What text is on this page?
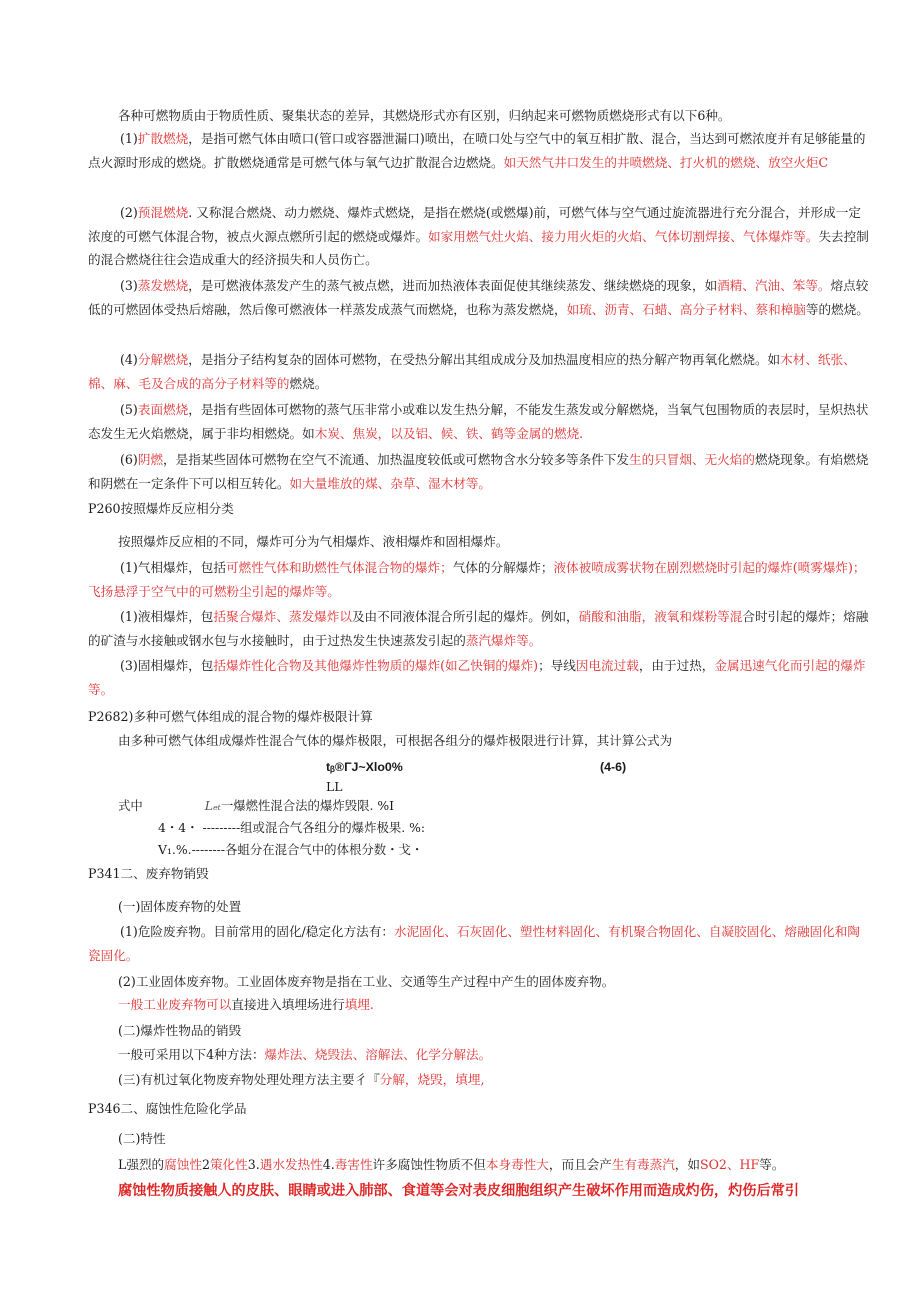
各种可燃物质由于物质性质、聚集状态的差异，其燃烧形式亦有区别，归纳起来可燃物质燃烧形式有以下6种。

(1)扩散燃烧，是指可燃气体由喷口(管口或容器泄漏口)喷出，在喷口处与空气中的氧互相扩散、混合，当达到可燃浓度并有足够能量的点火源时形成的燃烧。扩散燃烧通常是可燃气体与氧气边扩散混合边燃烧。如天然气井口发生的井喷燃烧、打火机的燃烧、放空火炬C

(2)预混燃烧. 又称混合燃烧、动力燃烧、爆炸式燃烧，是指在燃烧(或燃爆)前，可燃气体与空气通过旋流器进行充分混合，并形成一定浓度的可燃气体混合物，被点火源点燃所引起的燃烧或爆炸。如家用燃气灶火焰、接力用火炬的火焰、气体切割焊接、气体爆炸等。失去控制的混合燃烧往往会造成重大的经济损失和人员伤亡。

(3)蒸发燃烧，是可燃液体蒸发产生的蒸气被点燃，进而加热液体表面促使其继续蒸发、继续燃烧的现象，如酒精、汽油、笨等。熔点较低的可燃固体受热后熔融，然后像可燃液体一样蒸发成蒸气而燃烧，也称为蒸发燃烧，如琉、沥青、石蜡、高分子材料、蔡和樟脑等的燃烧。

(4)分解燃烧，是指分子结构复杂的固体可燃物，在受热分解出其组成成分及加热温度相应的热分解产物再氧化燃烧。如木材、纸张、棉、麻、毛及合成的高分子材料等的燃烧。

(5)表面燃烧，是指有些固体可燃物的蒸气压非常小或难以发生热分解，不能发生蒸发或分解燃烧，当氧气包围物质的表层时，呈炽热状态发生无火焰燃烧，属于非均相燃烧。如木炭、焦炭，以及铝、候、铁、鹤等金属的燃烧.

(6)阴燃，是指某些固体可燃物在空气不流通、加热温度较低或可燃物含水分较多等条件下发生的只冒烟、无火焰的燃烧现象。有焰燃烧和阴燃在一定条件下可以相互转化。如大量堆放的煤、杂草、湿木材等。

P260按照爆炸反应相分类

按照爆炸反应相的不同，爆炸可分为气相爆炸、液相爆炸和固相爆炸。

(1)气相爆炸，包括可燃性气体和助燃性气体混合物的爆炸；气体的分解爆炸；液体被喷成雾状物在剧烈燃烧时引起的爆炸(喷雾爆炸)；飞扬悬浮于空气中的可燃粉尘引起的爆炸等。

(1)液相爆炸，包括聚合爆炸、蒸发爆炸以及由不同液体混合所引起的爆炸。例如，硝酸和油脂，液氧和煤粉等混合时引起的爆炸；熔融的矿渣与水接触或钢水包与水接触时，由于过热发生快速蒸发引起的蒸汽爆炸等。

(3)固相爆炸，包括爆炸性化合物及其他爆炸性物质的爆炸(如乙快铜的爆炸)；导线因电流过载，由于过热，金属迅速气化而引起的爆炸等。

P2682)多种可燃气体组成的混合物的爆炸极限计算

由多种可燃气体组成爆炸性混合气体的爆炸极限，可根据各组分的爆炸极限进行计算，其计算公式为

tᵦ®ΓJ~Xlo0%	(4-6)
LL
式中	Lₑₜ一爆燃性混合法的爆炸毁限. %I
4・4・ ---------组或混合气各组分的爆炸极果. %:
V₁.%.--------各蛆分在混合气中的体根分数・戈・

P341二、废弃物销毁

(一)固体废弃物的处置

(1)危险废弃物。目前常用的固化/稳定化方法有：水泥固化、石灰固化、塑性材料固化、有机聚合物固化、自凝胶固化、熔融固化和陶瓷固化。

(2)工业固体废弃物。工业固体废弃物是指在工业、交通等生产过程中产生的固体废弃物。

一般工业废弃物可以直接进入填埋场进行填埋.

(二)爆炸性物品的销毁

一般可采用以下4种方法：爆炸法、烧毁法、溶解法、化学分解法。

(三)有机过氧化物废弃物处理处理方法主要彳『分解，烧毁，填埋,

P346二、腐蚀性危险化学品

(二)特性

L强烈的腐蚀性2策化性3.遇水发热性4.毒害性许多腐蚀性物质不但本身毒性大，而且会产生有毒蒸汽，如SO2、HF等。

腐蚀性物质接触人的皮肤、眼睛或进入肺部、食道等会对表皮细胞组织产生破坏作用而造成灼伤，灼伤后常引
